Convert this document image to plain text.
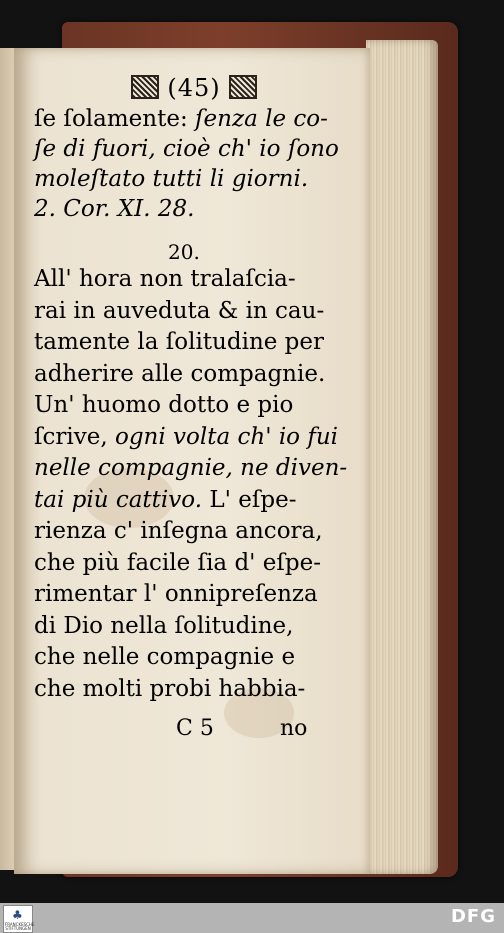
(45)
ſe ſolamente: ſenza le co-
ſe di fuori, cioè ch' io ſono
moleſtato tutti li giorni.
2. Cor. XI. 28.
All' hora non tralaſcia-
rai in auveduta & in cau-
tamente la ſolitudine per
adherire alle compagnie.
Un' huomo dotto e pio
ſcrive, ogni volta ch' io fui
nelle compagnie, ne diven-
tai più cattivo. L' eſpe-
rienza c' inſegna ancora,
che più facile ſia d' eſpe-
rimentar l' onnipreſenza
di Dio nella ſolitudine,
che nelle compagnie e
che molti probi habbia-
20.
C 5	no
♣
FRANCKESCHE STIFTUNGEN
DFG
